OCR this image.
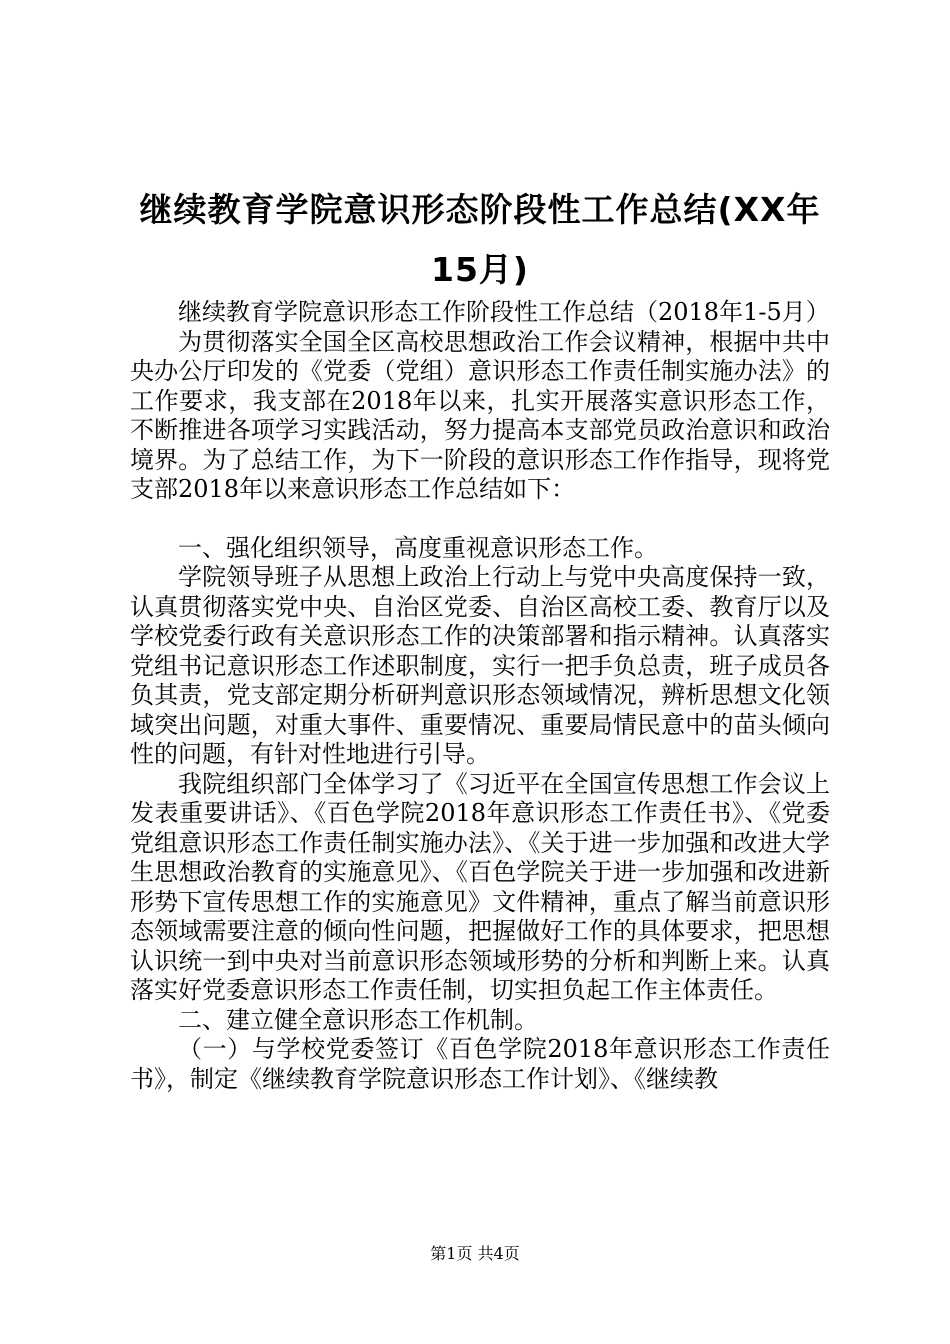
继续教育学院意识形态阶段性工作总结(XX年15月)

继续教育学院意识形态工作阶段性工作总结（2018年1-5月）

为贯彻落实全国全区高校思想政治工作会议精神，根据中共中央办公厅印发的《党委（党组）意识形态工作责任制实施办法》的工作要求，我支部在2018年以来，扎实开展落实意识形态工作，不断推进各项学习实践活动，努力提高本支部党员政治意识和政治境界。为了总结工作，为下一阶段的意识形态工作作指导，现将党支部2018年以来意识形态工作总结如下：

一、强化组织领导，高度重视意识形态工作。

学院领导班子从思想上政治上行动上与党中央高度保持一致，认真贯彻落实党中央、自治区党委、自治区高校工委、教育厅以及学校党委行政有关意识形态工作的决策部署和指示精神。认真落实党组书记意识形态工作述职制度，实行一把手负总责，班子成员各负其责，党支部定期分析研判意识形态领域情况，辨析思想文化领域突出问题，对重大事件、重要情况、重要局情民意中的苗头倾向性的问题，有针对性地进行引导。

我院组织部门全体学习了《习近平在全国宣传思想工作会议上发表重要讲话》、《百色学院2018年意识形态工作责任书》、《党委党组意识形态工作责任制实施办法》、《关于进一步加强和改进大学生思想政治教育的实施意见》、《百色学院关于进一步加强和改进新形势下宣传思想工作的实施意见》文件精神，重点了解当前意识形态领域需要注意的倾向性问题，把握做好工作的具体要求，把思想认识统一到中央对当前意识形态领域形势的分析和判断上来。认真落实好党委意识形态工作责任制，切实担负起工作主体责任。

二、建立健全意识形态工作机制。

（一）与学校党委签订《百色学院2018年意识形态工作责任书》，制定《继续教育学院意识形态工作计划》、《继续教

第1页 共4页
